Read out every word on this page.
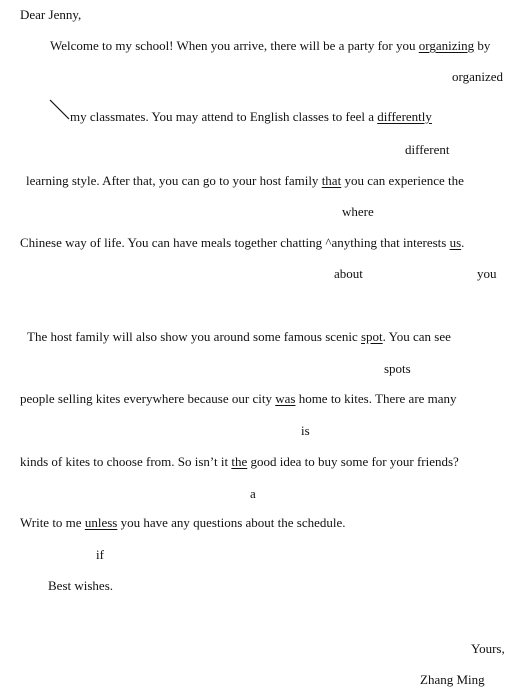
Dear Jenny,
Welcome to my school! When you arrive, there will be a party for you organizing by
organized
my classmates. You may attend to English classes to feel a differently
different
learning style. After that, you can go to your host family that you can experience the
where
Chinese way of life. You can have meals together chatting ^anything that interests us.
about	you
The host family will also show you around some famous scenic spot. You can see
spots
people selling kites everywhere because our city was home to kites. There are many
is
kinds of kites to choose from. So isn’t it the good idea to buy some for your friends?
a
Write to me unless you have any questions about the schedule.
if
Best wishes.
Yours,
Zhang Ming
